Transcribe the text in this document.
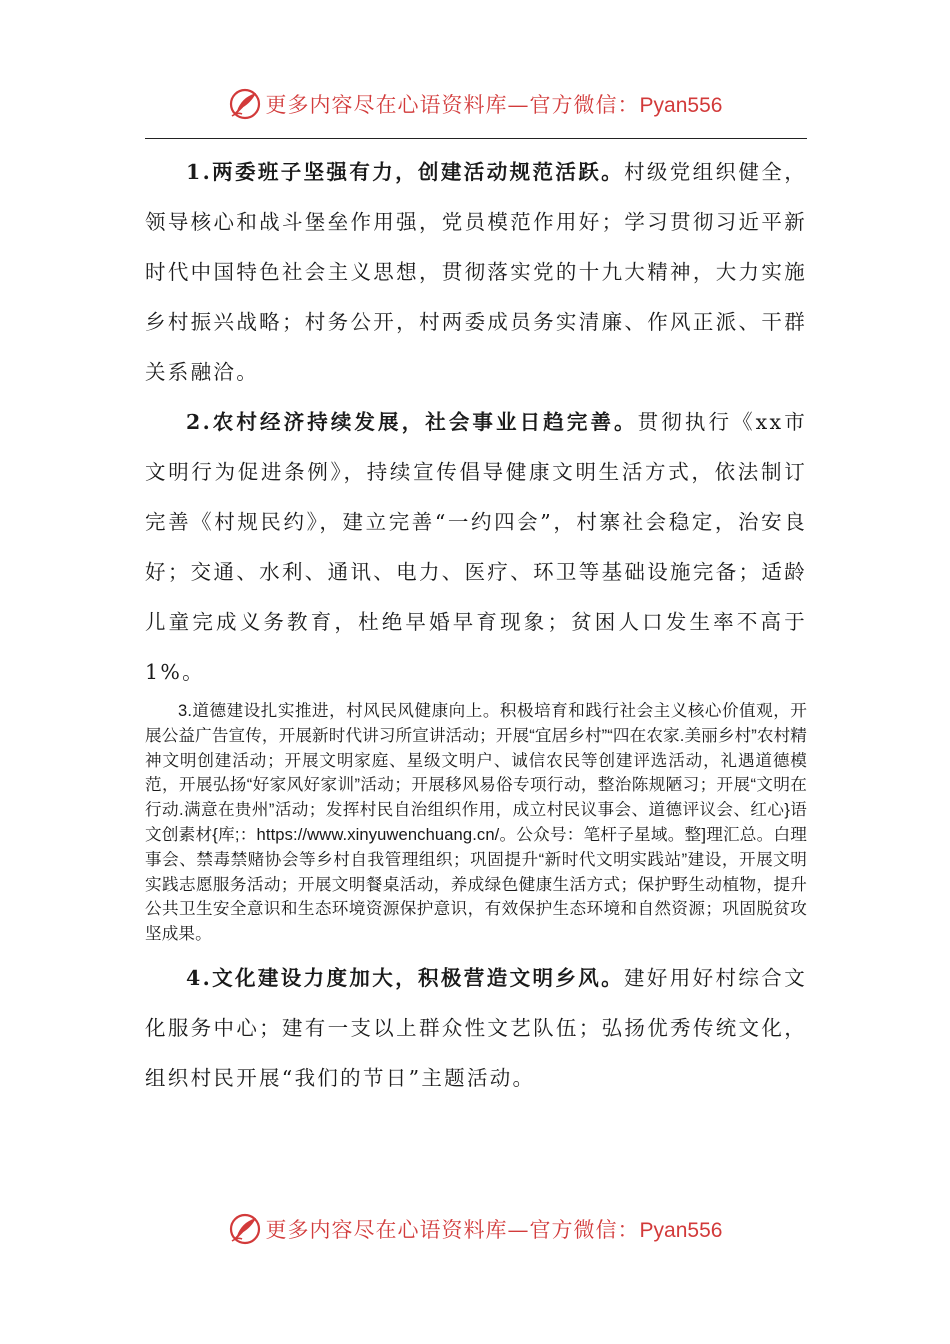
更多内容尽在心语资料库—官方微信：Pyan556

1.两委班子坚强有力，创建活动规范活跃。村级党组织健全，领导核心和战斗堡垒作用强，党员模范作用好；学习贯彻习近平新时代中国特色社会主义思想，贯彻落实党的十九大精神，大力实施乡村振兴战略；村务公开，村两委成员务实清廉、作风正派、干群关系融洽。

2.农村经济持续发展，社会事业日趋完善。贯彻执行《xx市文明行为促进条例》，持续宣传倡导健康文明生活方式，依法制订完善《村规民约》，建立完善“一约四会”，村寨社会稳定，治安良好；交通、水利、通讯、电力、医疗、环卫等基础设施完备；适龄儿童完成义务教育，杜绝早婚早育现象；贫困人口发生率不高于1%。

3.道德建设扎实推进，村风民风健康向上。积极培育和践行社会主义核心价值观，开展公益广告宣传，开展新时代讲习所宣讲活动；开展“宜居乡村”“四在农家.美丽乡村”农村精神文明创建活动；开展文明家庭、星级文明户、诚信农民等创建评选活动，礼遇道德模范，开展弘扬“好家风好家训”活动；开展移风易俗专项行动，整治陈规陋习；开展“文明在行动.满意在贵州”活动；发挥村民自治组织作用，成立村民议事会、道德评议会、红心}语文创素材{库;：https://www.xinyuwenchuang.cn/。公众号：笔杆子星域。整]理汇总。白理事会、禁毒禁赌协会等乡村自我管理组织；巩固提升“新时代文明实践站”建设，开展文明实践志愿服务活动；开展文明餐桌活动，养成绿色健康生活方式；保护野生动植物，提升公共卫生安全意识和生态环境资源保护意识，有效保护生态环境和自然资源；巩固脱贫攻坚成果。

4.文化建设力度加大，积极营造文明乡风。建好用好村综合文化服务中心；建有一支以上群众性文艺队伍；弘扬优秀传统文化，组织村民开展“我们的节日”主题活动。

更多内容尽在心语资料库—官方微信：Pyan556
